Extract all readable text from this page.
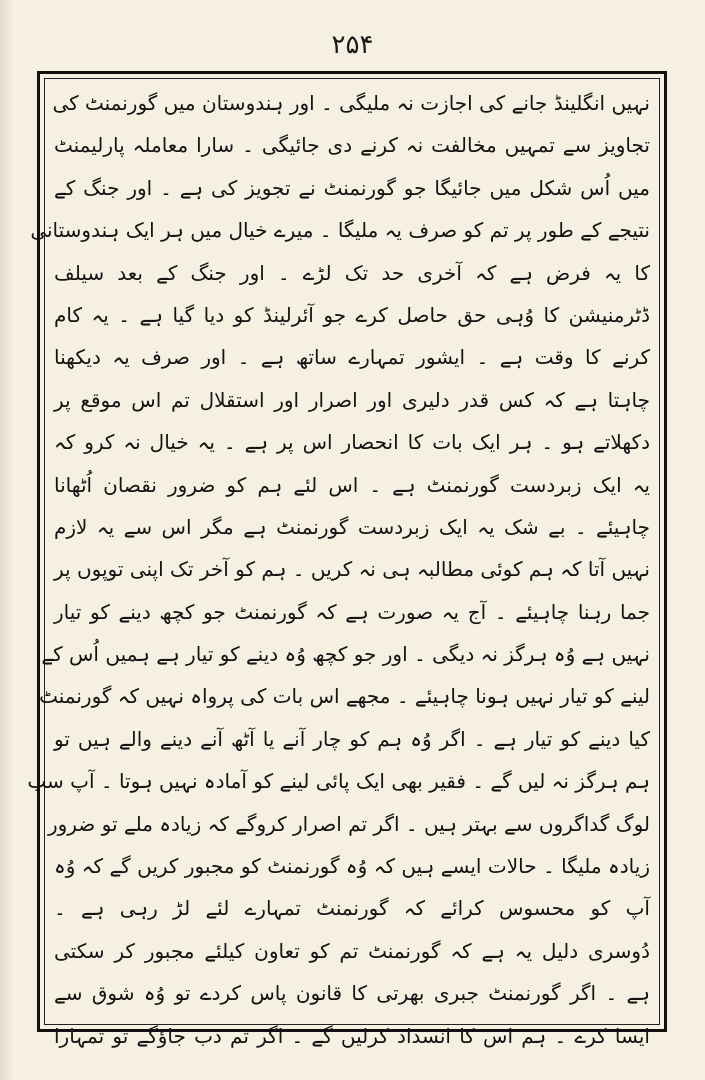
۲۵۴
نہیں انگلینڈ جانے کی اجازت نہ ملیگی ۔ اور ہندوستان میں گورنمنٹ کی
تجاویز سے تمہیں مخالفت نہ کرنے دی جائیگی ۔ سارا معاملہ پارلیمنٹ
میں اُس شکل میں جائیگا جو گورنمنٹ نے تجویز کی ہے ۔ اور جنگ کے
نتیجے کے طور پر تم کو صرف یہ ملیگا ۔ میرے خیال میں ہر ایک ہندوستانی
کا یہ فرض ہے کہ آخری حد تک لڑے ۔ اور جنگ کے بعد سیلف
ڈٹرمنیشن کا وُہی حق حاصل کرے جو آئرلینڈ کو دیا گیا ہے ۔ یہ کام
کرنے کا وقت ہے ۔ ایشور تمہارے ساتھ ہے ۔ اور صرف یہ دیکھنا
چاہتا ہے کہ کس قدر دلیری اور اصرار اور استقلال تم اس موقع پر
دکھلاتے ہو ۔ ہر ایک بات کا انحصار اس پر ہے ۔ یہ خیال نہ کرو کہ
یہ ایک زبردست گورنمنٹ ہے ۔ اس لئے ہم کو ضرور نقصان اُٹھانا
چاہیئے ۔ بے شک یہ ایک زبردست گورنمنٹ ہے مگر اس سے یہ لازم
نہیں آتا کہ ہم کوئی مطالبہ ہی نہ کریں ۔ ہم کو آخر تک اپنی توپوں پر
جما رہنا چاہیئے ۔ آج یہ صورت ہے کہ گورنمنٹ جو کچھ دینے کو تیار
نہیں ہے وُہ ہرگز نہ دیگی ۔ اور جو کچھ وُہ دینے کو تیار ہے ہمیں اُس کے
لینے کو تیار نہیں ہونا چاہیئے ۔ مجھے اس بات کی پرواہ نہیں کہ گورنمنٹ
کیا دینے کو تیار ہے ۔ اگر وُہ ہم کو چار آنے یا آٹھ آنے دینے والے ہیں تو
ہم ہرگز نہ لیں گے ۔ فقیر بھی ایک پائی لینے کو آمادہ نہیں ہوتا ۔ آپ سب
لوگ گداگروں سے بہتر ہیں ۔ اگر تم اصرار کروگے کہ زیادہ ملے تو ضرور
زیادہ ملیگا ۔ حالات ایسے ہیں کہ وُہ گورنمنٹ کو مجبور کریں گے کہ وُہ
آپ کو محسوس کرائے کہ گورنمنٹ تمہارے لئے لڑ رہی ہے ۔
دُوسری دلیل یہ ہے کہ گورنمنٹ تم کو تعاون کیلئے مجبور کر سکتی
ہے ۔ اگر گورنمنٹ جبری بھرتی کا قانون پاس کردے تو وُہ شوق سے
ایسا کرے ۔ ہم اس کا انسداد کرلیں گے ۔ اگر تم دب جاؤگے تو تمہارا
